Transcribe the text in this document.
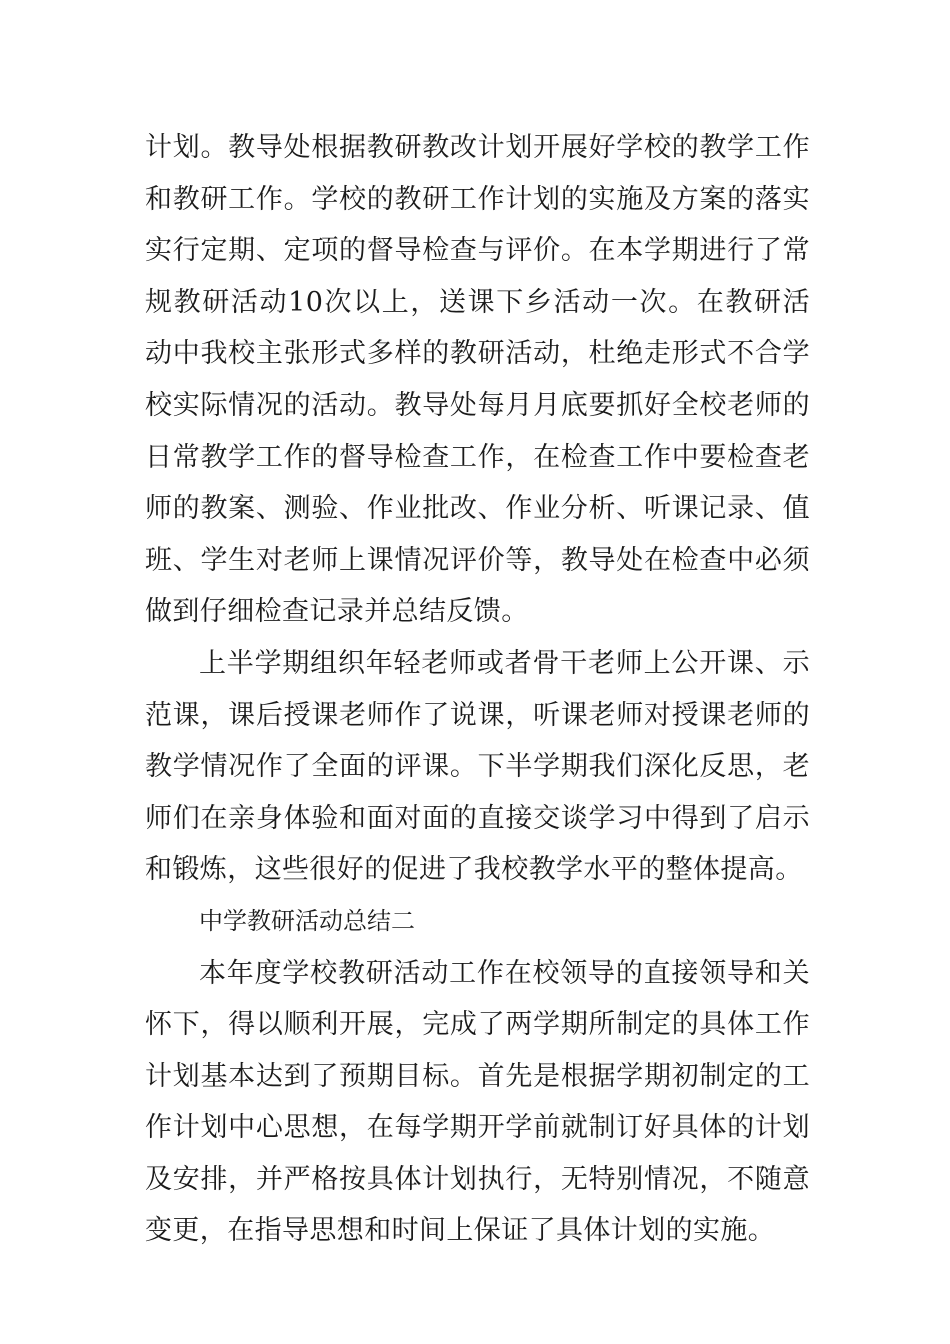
计划。教导处根据教研教改计划开展好学校的教学工作和教研工作。学校的教研工作计划的实施及方案的落实实行定期、定项的督导检查与评价。在本学期进行了常规教研活动10次以上，送课下乡活动一次。在教研活动中我校主张形式多样的教研活动，杜绝走形式不合学校实际情况的活动。教导处每月月底要抓好全校老师的日常教学工作的督导检查工作，在检查工作中要检查老师的教案、测验、作业批改、作业分析、听课记录、值班、学生对老师上课情况评价等，教导处在检查中必须做到仔细检查记录并总结反馈。

上半学期组织年轻老师或者骨干老师上公开课、示范课，课后授课老师作了说课，听课老师对授课老师的教学情况作了全面的评课。下半学期我们深化反思，老师们在亲身体验和面对面的直接交谈学习中得到了启示和锻炼，这些很好的促进了我校教学水平的整体提高。

中学教研活动总结二

本年度学校教研活动工作在校领导的直接领导和关怀下，得以顺利开展，完成了两学期所制定的具体工作计划基本达到了预期目标。首先是根据学期初制定的工作计划中心思想，在每学期开学前就制订好具体的计划及安排，并严格按具体计划执行，无特别情况，不随意变更，在指导思想和时间上保证了具体计划的实施。
